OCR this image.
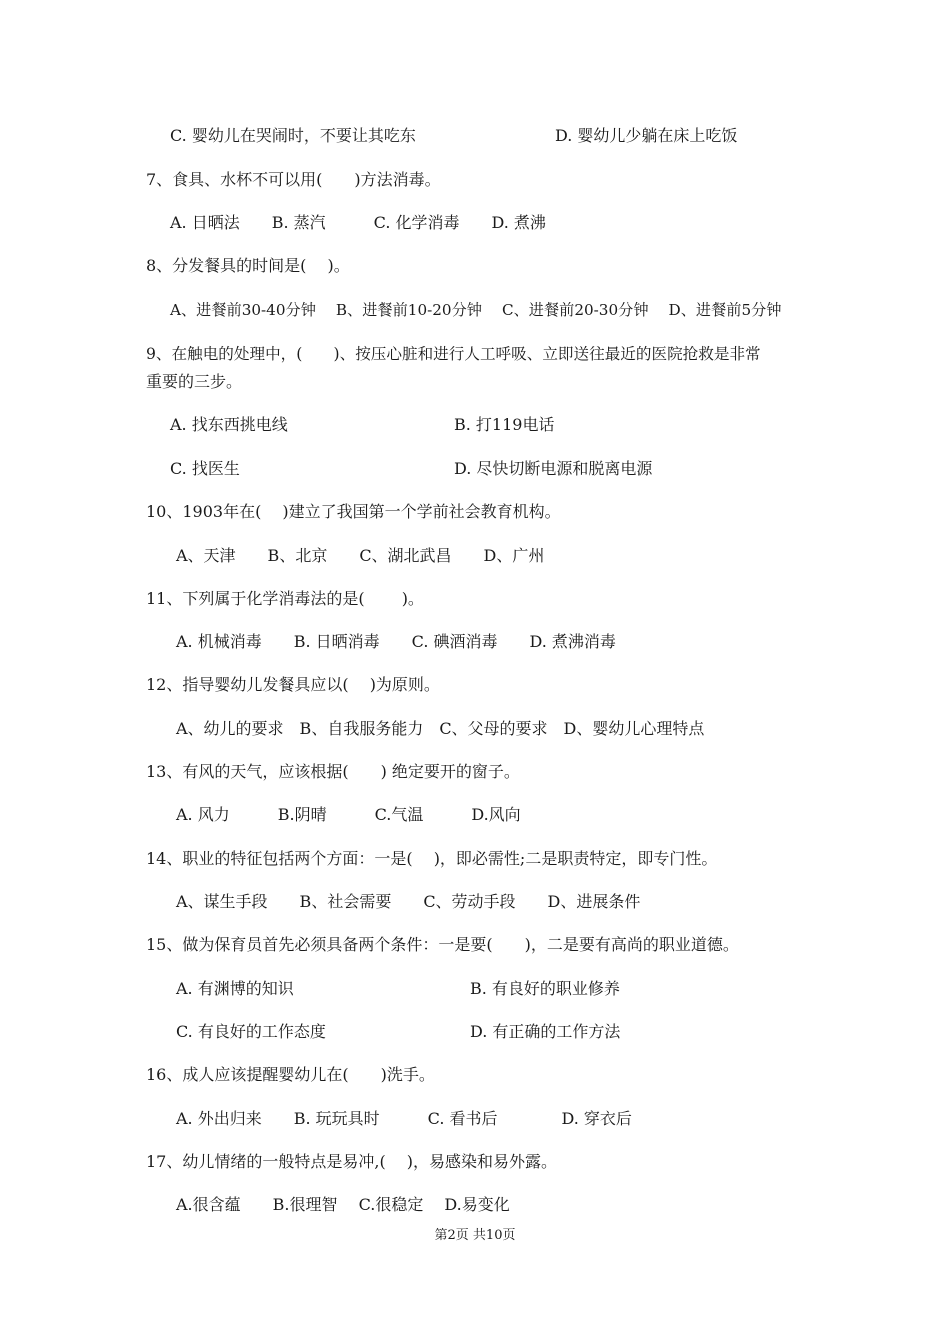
C. 婴幼儿在哭闹时，不要让其吃东	D. 婴幼儿少躺在床上吃饭
7、食具、水杯不可以用(　　)方法消毒。
A. 日晒法　　B. 蒸汽　　　C. 化学消毒　　D. 煮沸
8、分发餐具的时间是(　 )。
A、进餐前30-40分钟　 B、进餐前10-20分钟　 C、进餐前20-30分钟　 D、进餐前5分钟
9、在触电的处理中，(　　)、按压心脏和进行人工呼吸、立即送往最近的医院抢救是非常
重要的三步。
A. 找东西挑电线	B. 打119电话
C. 找医生	D. 尽快切断电源和脱离电源
10、1903年在(　 )建立了我国第一个学前社会教育机构。
A、天津　　B、北京　　C、湖北武昌　　D、广州
11、下列属于化学消毒法的是(　　 )。
A. 机械消毒　　B. 日晒消毒　　C. 碘酒消毒　　D. 煮沸消毒
12、指导婴幼儿发餐具应以(　 )为原则。
A、幼儿的要求　B、自我服务能力　C、父母的要求　D、婴幼儿心理特点
13、有风的天气，应该根据(　　) 绝定要开的窗子。
A. 风力　　　B.阴晴　　　C.气温　　　D.风向
14、职业的特征包括两个方面：一是(　 )，即必需性;二是职责特定，即专门性。
A、谋生手段　　B、社会需要　　C、劳动手段　　D、进展条件
15、做为保育员首先必须具备两个条件：一是要(　　)，二是要有高尚的职业道德。
A. 有渊博的知识	B. 有良好的职业修养
C. 有良好的工作态度	D. 有正确的工作方法
16、成人应该提醒婴幼儿在(　　)洗手。
A. 外出归来　　B. 玩玩具时　　　C. 看书后　　　　D. 穿衣后
17、幼儿情绪的一般特点是易冲,(　 )，易感染和易外露。
A.很含蕴　　B.很理智　 C.很稳定　 D.易变化
第2页 共10页
